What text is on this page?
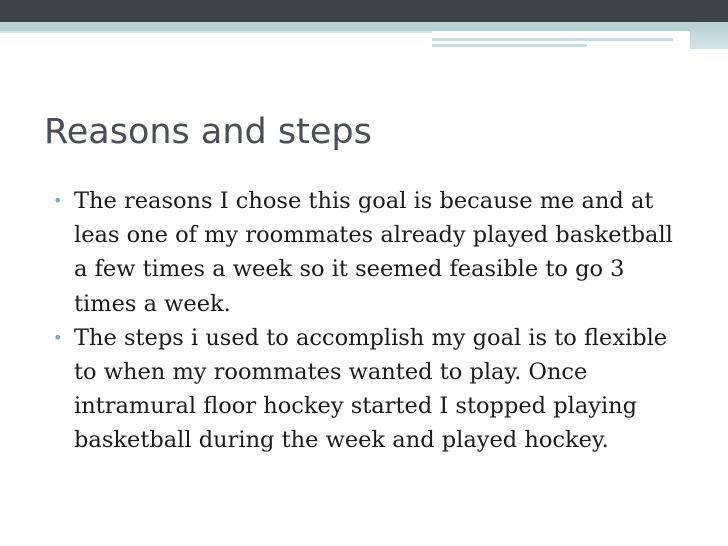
Reasons and steps
• The reasons I chose this goal is because me and at leas one of my roommates already played basketball a few times a week so it seemed feasible to go 3 times a week.
• The steps i used to accomplish my goal is to flexible to when my roommates wanted to play. Once intramural floor hockey started I stopped playing basketball during the week and played hockey.
